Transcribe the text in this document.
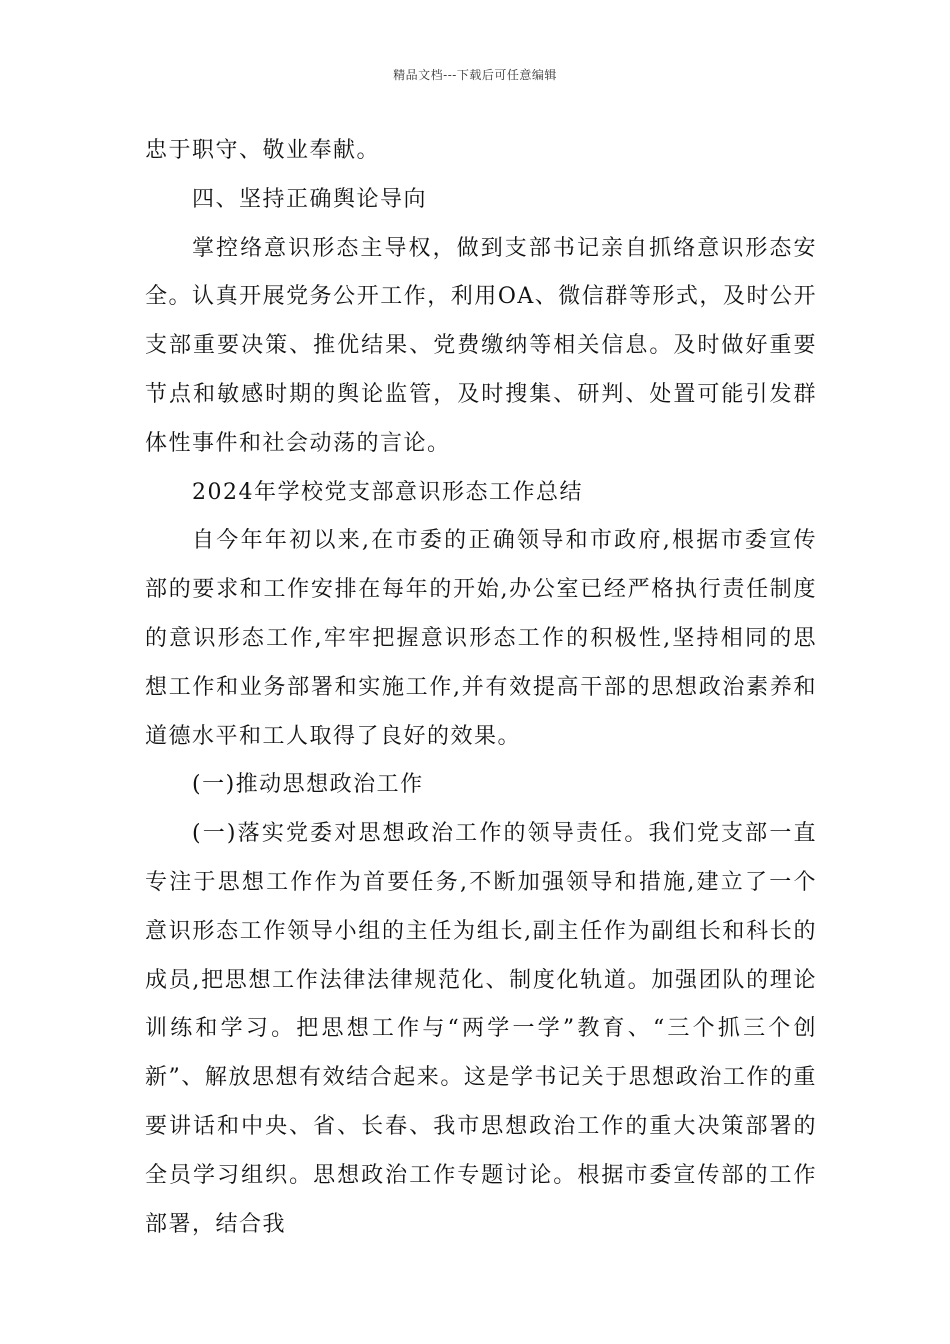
精品文档---下载后可任意编辑

忠于职守、敬业奉献。

四、坚持正确舆论导向

掌控络意识形态主导权，做到支部书记亲自抓络意识形态安全。认真开展党务公开工作，利用OA、微信群等形式，及时公开支部重要决策、推优结果、党费缴纳等相关信息。及时做好重要节点和敏感时期的舆论监管，及时搜集、研判、处置可能引发群体性事件和社会动荡的言论。

2024年学校党支部意识形态工作总结

自今年年初以来,在市委的正确领导和市政府,根据市委宣传部的要求和工作安排在每年的开始,办公室已经严格执行责任制度的意识形态工作,牢牢把握意识形态工作的积极性,坚持相同的思想工作和业务部署和实施工作,并有效提高干部的思想政治素养和道德水平和工人取得了良好的效果。

(一)推动思想政治工作

(一)落实党委对思想政治工作的领导责任。我们党支部一直专注于思想工作作为首要任务,不断加强领导和措施,建立了一个意识形态工作领导小组的主任为组长,副主任作为副组长和科长的成员,把思想工作法律法律规范化、制度化轨道。加强团队的理论训练和学习。把思想工作与“两学一学”教育、“三个抓三个创新”、解放思想有效结合起来。这是学书记关于思想政治工作的重要讲话和中央、省、长春、我市思想政治工作的重大决策部署的全员学习组织。思想政治工作专题讨论。根据市委宣传部的工作部署，结合我
